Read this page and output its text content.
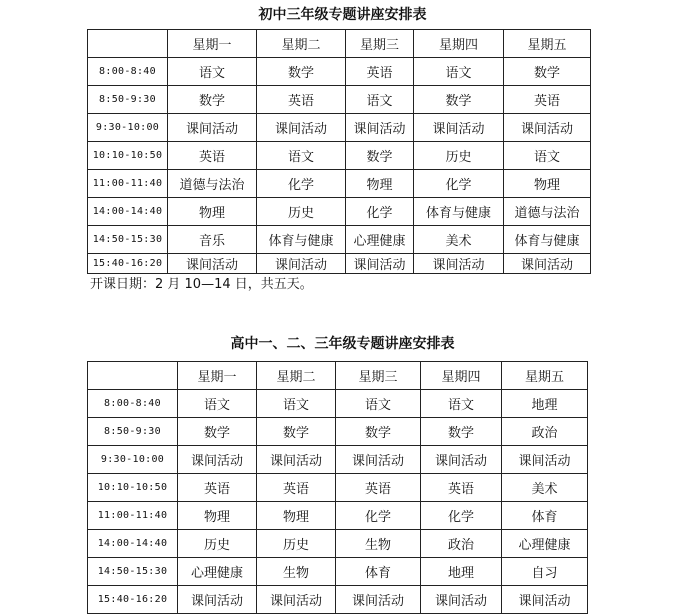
初中三年级专题讲座安排表
	星期一	星期二	星期三	星期四	星期五
8:00-8:40	语文	数学	英语	语文	数学
8:50-9:30	数学	英语	语文	数学	英语
9:30-10:00	课间活动	课间活动	课间活动	课间活动	课间活动
10:10-10:50	英语	语文	数学	历史	语文
11:00-11:40	道德与法治	化学	物理	化学	物理
14:00-14:40	物理	历史	化学	体育与健康	道德与法治
14:50-15:30	音乐	体育与健康	心理健康	美术	体育与健康
15:40-16:20	课间活动	课间活动	课间活动	课间活动	课间活动
开课日期：2 月 10—14 日，共五天。
高中一、二、三年级专题讲座安排表
	星期一	星期二	星期三	星期四	星期五
8:00-8:40	语文	语文	语文	语文	地理
8:50-9:30	数学	数学	数学	数学	政治
9:30-10:00	课间活动	课间活动	课间活动	课间活动	课间活动
10:10-10:50	英语	英语	英语	英语	美术
11:00-11:40	物理	物理	化学	化学	体育
14:00-14:40	历史	历史	生物	政治	心理健康
14:50-15:30	心理健康	生物	体育	地理	自习
15:40-16:20	课间活动	课间活动	课间活动	课间活动	课间活动
